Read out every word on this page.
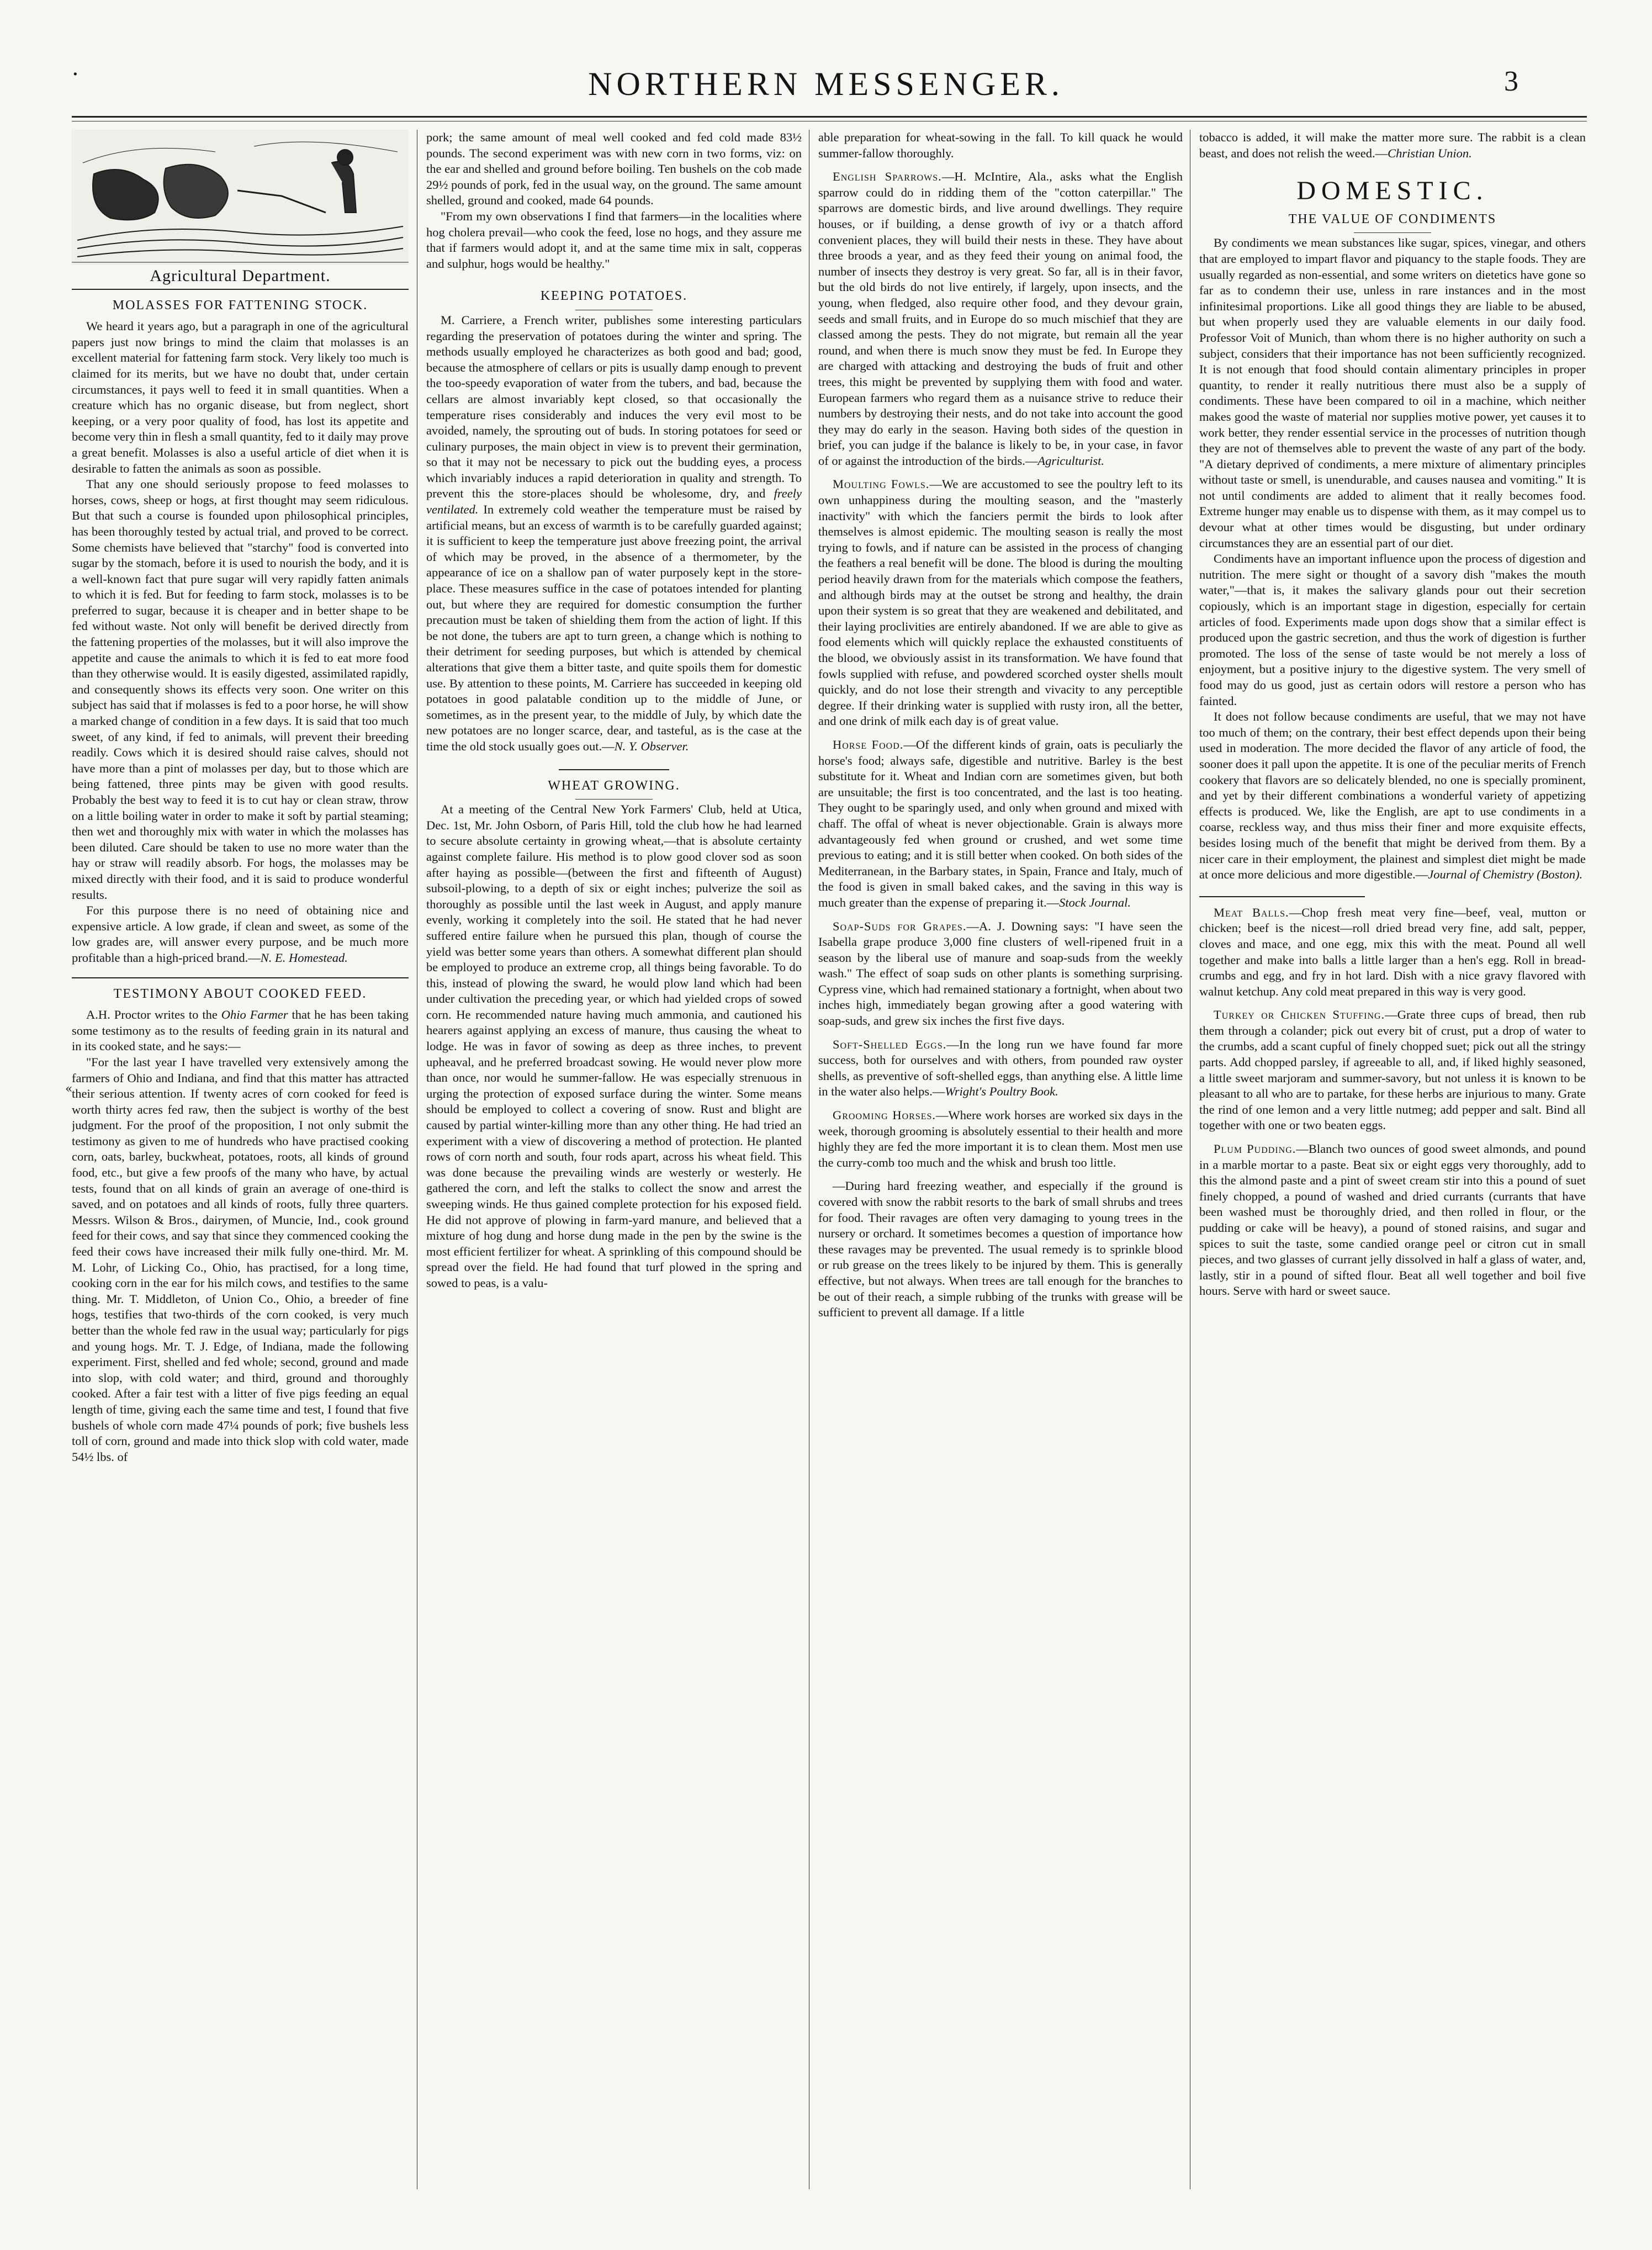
·	NORTHERN MESSENGER.	3
«
Agricultural Department.
MOLASSES FOR FATTENING STOCK.

We heard it years ago, but a paragraph in one of the agricultural papers just now brings to mind the claim that molasses is an excellent material for fattening farm stock. Very likely too much is claimed for its merits, but we have no doubt that, under certain circumstances, it pays well to feed it in small quantities. When a creature which has no organic disease, but from neglect, short keeping, or a very poor quality of food, has lost its appetite and become very thin in flesh a small quantity, fed to it daily may prove a great benefit. Molasses is also a useful article of diet when it is desirable to fatten the animals as soon as possible.

That any one should seriously propose to feed molasses to horses, cows, sheep or hogs, at first thought may seem ridiculous. But that such a course is founded upon philosophical principles, has been thoroughly tested by actual trial, and proved to be correct. Some chemists have believed that "starchy" food is converted into sugar by the stomach, before it is used to nourish the body, and it is a well-known fact that pure sugar will very rapidly fatten animals to which it is fed. But for feeding to farm stock, molasses is to be preferred to sugar, because it is cheaper and in better shape to be fed without waste. Not only will benefit be derived directly from the fattening properties of the molasses, but it will also improve the appetite and cause the animals to which it is fed to eat more food than they otherwise would. It is easily digested, assimilated rapidly, and consequently shows its effects very soon. One writer on this subject has said that if molasses is fed to a poor horse, he will show a marked change of condition in a few days. It is said that too much sweet, of any kind, if fed to animals, will prevent their breeding readily. Cows which it is desired should raise calves, should not have more than a pint of molasses per day, but to those which are being fattened, three pints may be given with good results. Probably the best way to feed it is to cut hay or clean straw, throw on a little boiling water in order to make it soft by partial steaming; then wet and thoroughly mix with water in which the molasses has been diluted. Care should be taken to use no more water than the hay or straw will readily absorb. For hogs, the molasses may be mixed directly with their food, and it is said to produce wonderful results.

For this purpose there is no need of obtaining nice and expensive article. A low grade, if clean and sweet, as some of the low grades are, will answer every purpose, and be much more profitable than a high-priced brand.—N. E. Homestead.

TESTIMONY ABOUT COOKED FEED.

A.H. Proctor writes to the Ohio Farmer that he has been taking some testimony as to the results of feeding grain in its natural and in its cooked state, and he says:—

"For the last year I have travelled very extensively among the farmers of Ohio and Indiana, and find that this matter has attracted their serious attention. If twenty acres of corn cooked for feed is worth thirty acres fed raw, then the subject is worthy of the best judgment. For the proof of the proposition, I not only submit the testimony as given to me of hundreds who have practised cooking corn, oats, barley, buckwheat, potatoes, roots, all kinds of ground food, etc., but give a few proofs of the many who have, by actual tests, found that on all kinds of grain an average of one-third is saved, and on potatoes and all kinds of roots, fully three quarters. Messrs. Wilson & Bros., dairymen, of Muncie, Ind., cook ground feed for their cows, and say that since they commenced cooking the feed their cows have increased their milk fully one-third. Mr. M. M. Lohr, of Licking Co., Ohio, has practised, for a long time, cooking corn in the ear for his milch cows, and testifies to the same thing. Mr. T. Middleton, of Union Co., Ohio, a breeder of fine hogs, testifies that two-thirds of the corn cooked, is very much better than the whole fed raw in the usual way; particularly for pigs and young hogs. Mr. T. J. Edge, of Indiana, made the following experiment. First, shelled and fed whole; second, ground and made into slop, with cold water; and third, ground and thoroughly cooked. After a fair test with a litter of five pigs feeding an equal length of time, giving each the same time and test, I found that five bushels of whole corn made 47¼ pounds of pork; five bushels less toll of corn, ground and made into thick slop with cold water, made 54½ lbs. of

pork; the same amount of meal well cooked and fed cold made 83½ pounds. The second experiment was with new corn in two forms, viz: on the ear and shelled and ground before boiling. Ten bushels on the cob made 29½ pounds of pork, fed in the usual way, on the ground. The same amount shelled, ground and cooked, made 64 pounds.

"From my own observations I find that farmers—in the localities where hog cholera prevail—who cook the feed, lose no hogs, and they assure me that if farmers would adopt it, and at the same time mix in salt, copperas and sulphur, hogs would be healthy."

KEEPING POTATOES.

M. Carriere, a French writer, publishes some interesting particulars regarding the preservation of potatoes during the winter and spring. The methods usually employed he characterizes as both good and bad; good, because the atmosphere of cellars or pits is usually damp enough to prevent the too-speedy evaporation of water from the tubers, and bad, because the cellars are almost invariably kept closed, so that occasionally the temperature rises considerably and induces the very evil most to be avoided, namely, the sprouting out of buds. In storing potatoes for seed or culinary purposes, the main object in view is to prevent their germination, so that it may not be necessary to pick out the budding eyes, a process which invariably induces a rapid deterioration in quality and strength. To prevent this the store-places should be wholesome, dry, and freely ventilated. In extremely cold weather the temperature must be raised by artificial means, but an excess of warmth is to be carefully guarded against; it is sufficient to keep the temperature just above freezing point, the arrival of which may be proved, in the absence of a thermometer, by the appearance of ice on a shallow pan of water purposely kept in the store-place. These measures suffice in the case of potatoes intended for planting out, but where they are required for domestic consumption the further precaution must be taken of shielding them from the action of light. If this be not done, the tubers are apt to turn green, a change which is nothing to their detriment for seeding purposes, but which is attended by chemical alterations that give them a bitter taste, and quite spoils them for domestic use. By attention to these points, M. Carriere has succeeded in keeping old potatoes in good palatable condition up to the middle of June, or sometimes, as in the present year, to the middle of July, by which date the new potatoes are no longer scarce, dear, and tasteful, as is the case at the time the old stock usually goes out.—N. Y. Observer.

WHEAT GROWING.

At a meeting of the Central New York Farmers' Club, held at Utica, Dec. 1st, Mr. John Osborn, of Paris Hill, told the club how he had learned to secure absolute certainty in growing wheat,—that is absolute certainty against complete failure. His method is to plow good clover sod as soon after haying as possible—(between the first and fifteenth of August) subsoil-plowing, to a depth of six or eight inches; pulverize the soil as thoroughly as possible until the last week in August, and apply manure evenly, working it completely into the soil. He stated that he had never suffered entire failure when he pursued this plan, though of course the yield was better some years than others. A somewhat different plan should be employed to produce an extreme crop, all things being favorable. To do this, instead of plowing the sward, he would plow land which had been under cultivation the preceding year, or which had yielded crops of sowed corn. He recommended nature having much ammonia, and cautioned his hearers against applying an excess of manure, thus causing the wheat to lodge. He was in favor of sowing as deep as three inches, to prevent upheaval, and he preferred broadcast sowing. He would never plow more than once, nor would he summer-fallow. He was especially strenuous in urging the protection of exposed surface during the winter. Some means should be employed to collect a covering of snow. Rust and blight are caused by partial winter-killing more than any other thing. He had tried an experiment with a view of discovering a method of protection. He planted rows of corn north and south, four rods apart, across his wheat field. This was done because the prevailing winds are westerly or westerly. He gathered the corn, and left the stalks to collect the snow and arrest the sweeping winds. He thus gained complete protection for his exposed field. He did not approve of plowing in farm-yard manure, and believed that a mixture of hog dung and horse dung made in the pen by the swine is the most efficient fertilizer for wheat. A sprinkling of this compound should be spread over the field. He had found that turf plowed in the spring and sowed to peas, is a valu-

able preparation for wheat-sowing in the fall. To kill quack he would summer-fallow thoroughly.

English Sparrows.—H. McIntire, Ala., asks what the English sparrow could do in ridding them of the "cotton caterpillar." The sparrows are domestic birds, and live around dwellings. They require houses, or if building, a dense growth of ivy or a thatch afford convenient places, they will build their nests in these. They have about three broods a year, and as they feed their young on animal food, the number of insects they destroy is very great. So far, all is in their favor, but the old birds do not live entirely, if largely, upon insects, and the young, when fledged, also require other food, and they devour grain, seeds and small fruits, and in Europe do so much mischief that they are classed among the pests. They do not migrate, but remain all the year round, and when there is much snow they must be fed. In Europe they are charged with attacking and destroying the buds of fruit and other trees, this might be prevented by supplying them with food and water. European farmers who regard them as a nuisance strive to reduce their numbers by destroying their nests, and do not take into account the good they may do early in the season. Having both sides of the question in brief, you can judge if the balance is likely to be, in your case, in favor of or against the introduction of the birds.—Agriculturist.

Moulting Fowls.—We are accustomed to see the poultry left to its own unhappiness during the moulting season, and the "masterly inactivity" with which the fanciers permit the birds to look after themselves is almost epidemic. The moulting season is really the most trying to fowls, and if nature can be assisted in the process of changing the feathers a real benefit will be done. The blood is during the moulting period heavily drawn from for the materials which compose the feathers, and although birds may at the outset be strong and healthy, the drain upon their system is so great that they are weakened and debilitated, and their laying proclivities are entirely abandoned. If we are able to give as food elements which will quickly replace the exhausted constituents of the blood, we obviously assist in its transformation. We have found that fowls supplied with refuse, and powdered scorched oyster shells moult quickly, and do not lose their strength and vivacity to any perceptible degree. If their drinking water is supplied with rusty iron, all the better, and one drink of milk each day is of great value.

Horse Food.—Of the different kinds of grain, oats is peculiarly the horse's food; always safe, digestible and nutritive. Barley is the best substitute for it. Wheat and Indian corn are sometimes given, but both are unsuitable; the first is too concentrated, and the last is too heating. They ought to be sparingly used, and only when ground and mixed with chaff. The offal of wheat is never objectionable. Grain is always more advantageously fed when ground or crushed, and wet some time previous to eating; and it is still better when cooked. On both sides of the Mediterranean, in the Barbary states, in Spain, France and Italy, much of the food is given in small baked cakes, and the saving in this way is much greater than the expense of preparing it.—Stock Journal.

Soap-Suds for Grapes.—A. J. Downing says: "I have seen the Isabella grape produce 3,000 fine clusters of well-ripened fruit in a season by the liberal use of manure and soap-suds from the weekly wash." The effect of soap suds on other plants is something surprising. Cypress vine, which had remained stationary a fortnight, when about two inches high, immediately began growing after a good watering with soap-suds, and grew six inches the first five days.

Soft-Shelled Eggs.—In the long run we have found far more success, both for ourselves and with others, from pounded raw oyster shells, as preventive of soft-shelled eggs, than anything else. A little lime in the water also helps.—Wright's Poultry Book.

Grooming Horses.—Where work horses are worked six days in the week, thorough grooming is absolutely essential to their health and more highly they are fed the more important it is to clean them. Most men use the curry-comb too much and the whisk and brush too little.

—During hard freezing weather, and especially if the ground is covered with snow the rabbit resorts to the bark of small shrubs and trees for food. Their ravages are often very damaging to young trees in the nursery or orchard. It sometimes becomes a question of importance how these ravages may be prevented. The usual remedy is to sprinkle blood or rub grease on the trees likely to be injured by them. This is generally effective, but not always. When trees are tall enough for the branches to be out of their reach, a simple rubbing of the trunks with grease will be sufficient to prevent all damage. If a little

tobacco is added, it will make the matter more sure. The rabbit is a clean beast, and does not relish the weed.—Christian Union.

DOMESTIC.
THE VALUE OF CONDIMENTS

By condiments we mean substances like sugar, spices, vinegar, and others that are employed to impart flavor and piquancy to the staple foods. They are usually regarded as non-essential, and some writers on dietetics have gone so far as to condemn their use, unless in rare instances and in the most infinitesimal proportions. Like all good things they are liable to be abused, but when properly used they are valuable elements in our daily food. Professor Voit of Munich, than whom there is no higher authority on such a subject, considers that their importance has not been sufficiently recognized. It is not enough that food should contain alimentary principles in proper quantity, to render it really nutritious there must also be a supply of condiments. These have been compared to oil in a machine, which neither makes good the waste of material nor supplies motive power, yet causes it to work better, they render essential service in the processes of nutrition though they are not of themselves able to prevent the waste of any part of the body. "A dietary deprived of condiments, a mere mixture of alimentary principles without taste or smell, is unendurable, and causes nausea and vomiting." It is not until condiments are added to aliment that it really becomes food. Extreme hunger may enable us to dispense with them, as it may compel us to devour what at other times would be disgusting, but under ordinary circumstances they are an essential part of our diet.

Condiments have an important influence upon the process of digestion and nutrition. The mere sight or thought of a savory dish "makes the mouth water,"—that is, it makes the salivary glands pour out their secretion copiously, which is an important stage in digestion, especially for certain articles of food. Experiments made upon dogs show that a similar effect is produced upon the gastric secretion, and thus the work of digestion is further promoted. The loss of the sense of taste would be not merely a loss of enjoyment, but a positive injury to the digestive system. The very smell of food may do us good, just as certain odors will restore a person who has fainted.

It does not follow because condiments are useful, that we may not have too much of them; on the contrary, their best effect depends upon their being used in moderation. The more decided the flavor of any article of food, the sooner does it pall upon the appetite. It is one of the peculiar merits of French cookery that flavors are so delicately blended, no one is specially prominent, and yet by their different combinations a wonderful variety of appetizing effects is produced. We, like the English, are apt to use condiments in a coarse, reckless way, and thus miss their finer and more exquisite effects, besides losing much of the benefit that might be derived from them. By a nicer care in their employment, the plainest and simplest diet might be made at once more delicious and more digestible.—Journal of Chemistry (Boston).

Meat Balls.—Chop fresh meat very fine—beef, veal, mutton or chicken; beef is the nicest—roll dried bread very fine, add salt, pepper, cloves and mace, and one egg, mix this with the meat. Pound all well together and make into balls a little larger than a hen's egg. Roll in bread-crumbs and egg, and fry in hot lard. Dish with a nice gravy flavored with walnut ketchup. Any cold meat prepared in this way is very good.

Turkey or Chicken Stuffing.—Grate three cups of bread, then rub them through a colander; pick out every bit of crust, put a drop of water to the crumbs, add a scant cupful of finely chopped suet; pick out all the stringy parts. Add chopped parsley, if agreeable to all, and, if liked highly seasoned, a little sweet marjoram and summer-savory, but not unless it is known to be pleasant to all who are to partake, for these herbs are injurious to many. Grate the rind of one lemon and a very little nutmeg; add pepper and salt. Bind all together with one or two beaten eggs.

Plum Pudding.—Blanch two ounces of good sweet almonds, and pound in a marble mortar to a paste. Beat six or eight eggs very thoroughly, add to this the almond paste and a pint of sweet cream stir into this a pound of suet finely chopped, a pound of washed and dried currants (currants that have been washed must be thoroughly dried, and then rolled in flour, or the pudding or cake will be heavy), a pound of stoned raisins, and sugar and spices to suit the taste, some candied orange peel or citron cut in small pieces, and two glasses of currant jelly dissolved in half a glass of water, and, lastly, stir in a pound of sifted flour. Beat all well together and boil five hours. Serve with hard or sweet sauce.
